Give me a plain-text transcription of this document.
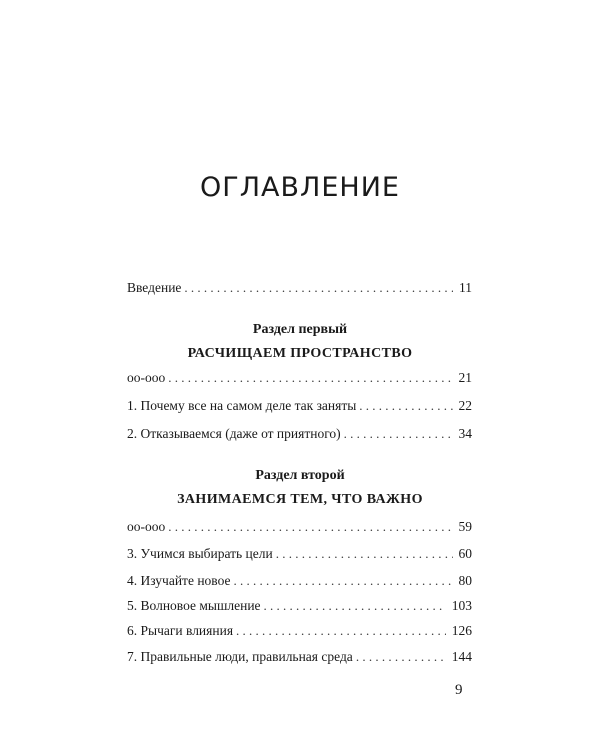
ОГЛАВЛЕНИЕ
Введение . . .	11
оо-ооо . . .	21
1. Почему все на самом деле так заняты . . .	22
2. Отказываемся (даже от приятного) . . .	34
оо-ооо . . .	59
3. Учимся выбирать цели . . .	60
4. Изучайте новое . . .	80
5. Волновое мышление . . .	103
6. Рычаги влияния . . .	126
7. Правильные люди, правильная среда . . .	144
Раздел первый
РАСЧИЩАЕМ ПРОСТРАНСТВО
Раздел второй
ЗАНИМАЕМСЯ ТЕМ, ЧТО ВАЖНО
9
